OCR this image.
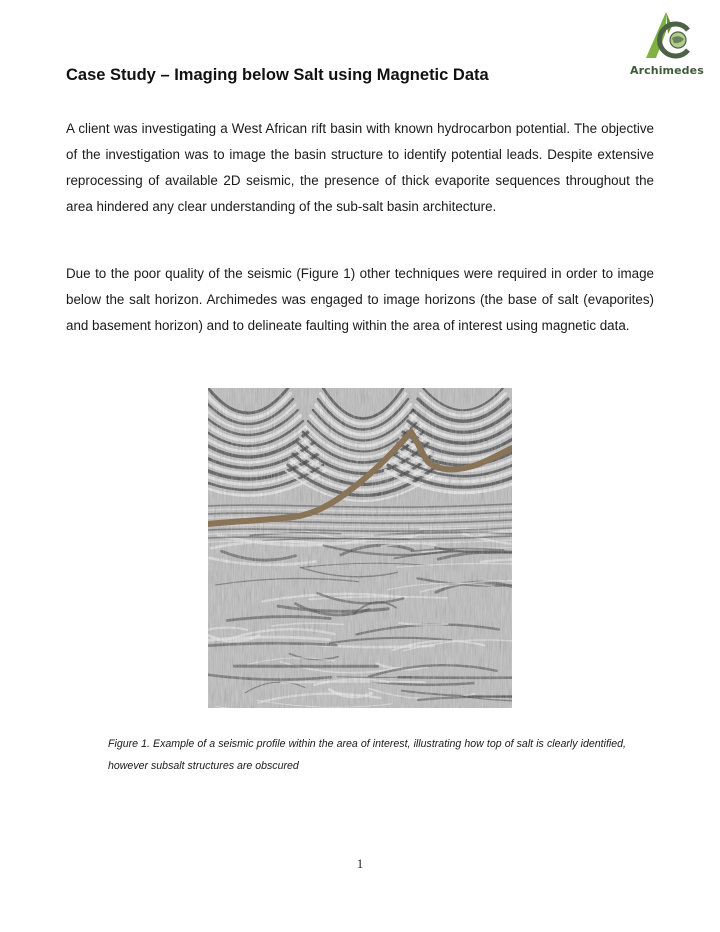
Archimedes
Case Study – Imaging below Salt using Magnetic Data

A client was investigating a West African rift basin with known hydrocarbon potential. The objective of the investigation was to image the basin structure to identify potential leads. Despite extensive reprocessing of available 2D seismic, the presence of thick evaporite sequences throughout the area hindered any clear understanding of the sub-salt basin architecture.

Due to the poor quality of the seismic (Figure 1) other techniques were required in order to image below the salt horizon. Archimedes was engaged to image horizons (the base of salt (evaporites) and basement horizon) and to delineate faulting within the area of interest using magnetic data.

Figure 1. Example of a seismic profile within the area of interest, illustrating how top of salt is clearly identified, however subsalt structures are obscured

1
